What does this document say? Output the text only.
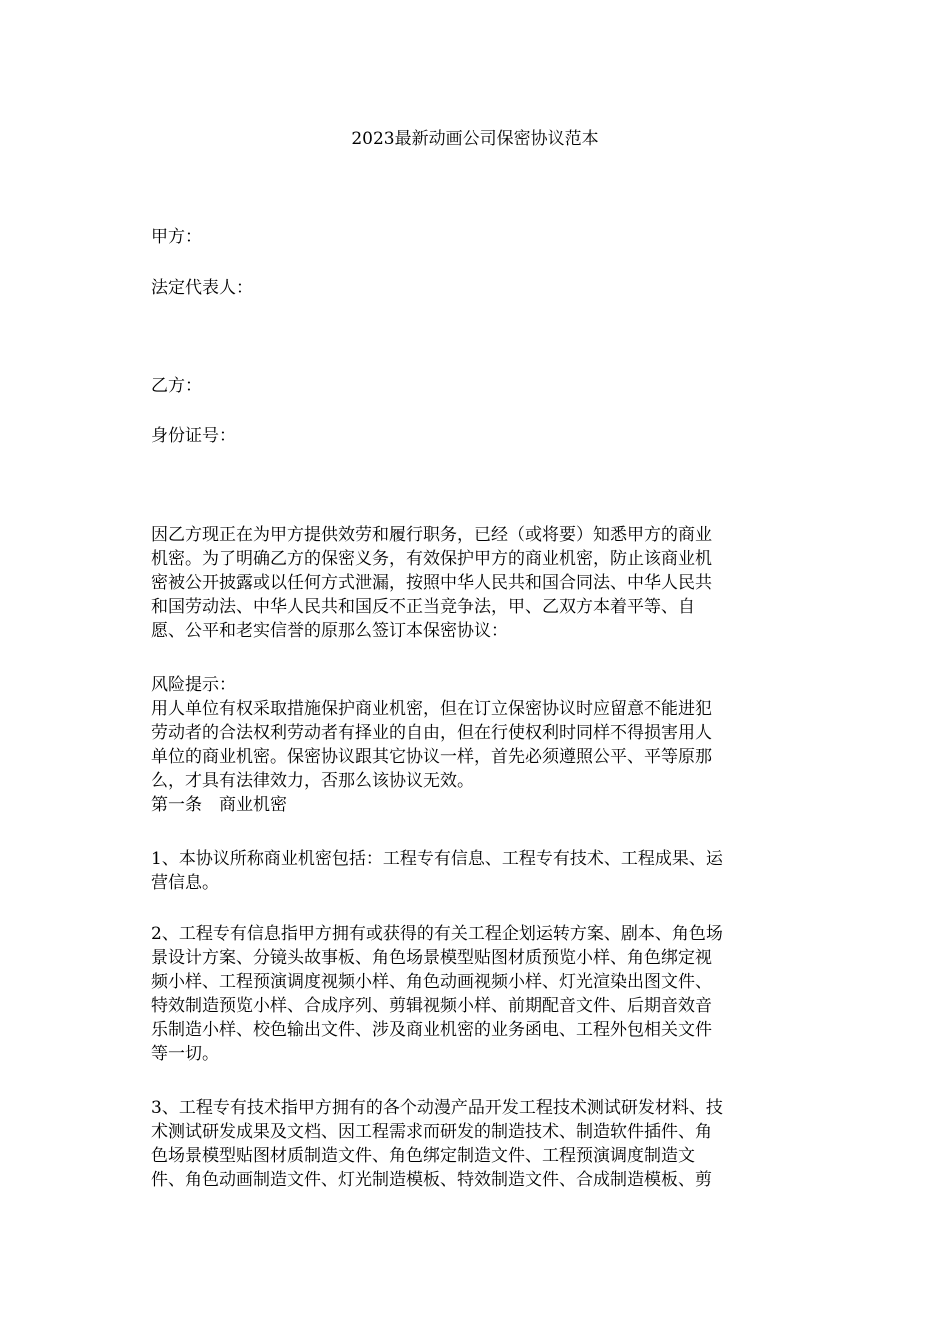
2023最新动画公司保密协议范本

甲方：

法定代表人：

乙方：

身份证号：

因乙方现正在为甲方提供效劳和履行职务，已经（或将要）知悉甲方的商业

机密。为了明确乙方的保密义务，有效保护甲方的商业机密，防止该商业机

密被公开披露或以任何方式泄漏，按照中华人民共和国合同法、中华人民共

和国劳动法、中华人民共和国反不正当竞争法，甲、乙双方本着平等、自

愿、公平和老实信誉的原那么签订本保密协议：

风险提示：

用人单位有权采取措施保护商业机密，但在订立保密协议时应留意不能进犯

劳动者的合法权利劳动者有择业的自由，但在行使权利时同样不得损害用人

单位的商业机密。保密协议跟其它协议一样，首先必须遵照公平、平等原那

么，才具有法律效力，否那么该协议无效。

第一条　商业机密

1、本协议所称商业机密包括：工程专有信息、工程专有技术、工程成果、运

营信息。

2、工程专有信息指甲方拥有或获得的有关工程企划运转方案、剧本、角色场

景设计方案、分镜头故事板、角色场景模型贴图材质预览小样、角色绑定视

频小样、工程预演调度视频小样、角色动画视频小样、灯光渲染出图文件、

特效制造预览小样、合成序列、剪辑视频小样、前期配音文件、后期音效音

乐制造小样、校色输出文件、涉及商业机密的业务函电、工程外包相关文件

等一切。

3、工程专有技术指甲方拥有的各个动漫产品开发工程技术测试研发材料、技

术测试研发成果及文档、因工程需求而研发的制造技术、制造软件插件、角

色场景模型贴图材质制造文件、角色绑定制造文件、工程预演调度制造文

件、角色动画制造文件、灯光制造模板、特效制造文件、合成制造模板、剪
